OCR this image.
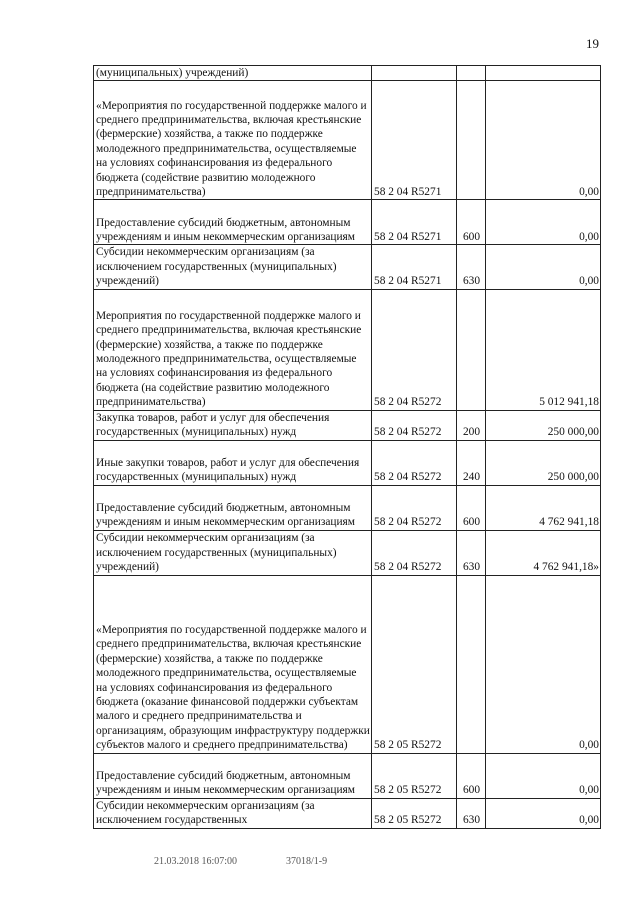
19
(муниципальных) учреждений)			
«Мероприятия по государственной поддержке малого и среднего предпринимательства, включая крестьянские (фермерские) хозяйства, а также по поддержке молодежного предпринимательства, осуществляемые на условиях софинансирования из федерального бюджета (содействие развитию молодежного предпринимательства)	58 2 04 R5271		0,00
Предоставление субсидий бюджетным, автономным учреждениям и иным некоммерческим организациям	58 2 04 R5271	600	0,00
Субсидии некоммерческим организациям (за исключением государственных (муниципальных) учреждений)	58 2 04 R5271	630	0,00
Мероприятия по государственной поддержке малого и среднего предпринимательства, включая крестьянские (фермерские) хозяйства, а также по поддержке молодежного предпринимательства, осуществляемые на условиях софинансирования из федерального бюджета (на содействие развитию молодежного предпринимательства)	58 2 04 R5272		5 012 941,18
Закупка товаров, работ и услуг для обеспечения государственных (муниципальных) нужд	58 2 04 R5272	200	250 000,00
Иные закупки товаров, работ и услуг для обеспечения государственных (муниципальных) нужд	58 2 04 R5272	240	250 000,00
Предоставление субсидий бюджетным, автономным учреждениям и иным некоммерческим организациям	58 2 04 R5272	600	4 762 941,18
Субсидии некоммерческим организациям (за исключением государственных (муниципальных) учреждений)	58 2 04 R5272	630	4 762 941,18»
«Мероприятия по государственной поддержке малого и среднего предпринимательства, включая крестьянские (фермерские) хозяйства, а также по поддержке молодежного предпринимательства, осуществляемые на условиях софинансирования из федерального бюджета (оказание финансовой поддержки субъектам малого и среднего предпринимательства и организациям, образующим инфраструктуру поддержки субъектов малого и среднего предпринимательства)	58 2 05 R5272		0,00
Предоставление субсидий бюджетным, автономным учреждениям и иным некоммерческим организациям	58 2 05 R5272	600	0,00
Субсидии некоммерческим организациям (за исключением государственных	58 2 05 R5272	630	0,00
21.03.2018 16:07:00	37018/1-9
